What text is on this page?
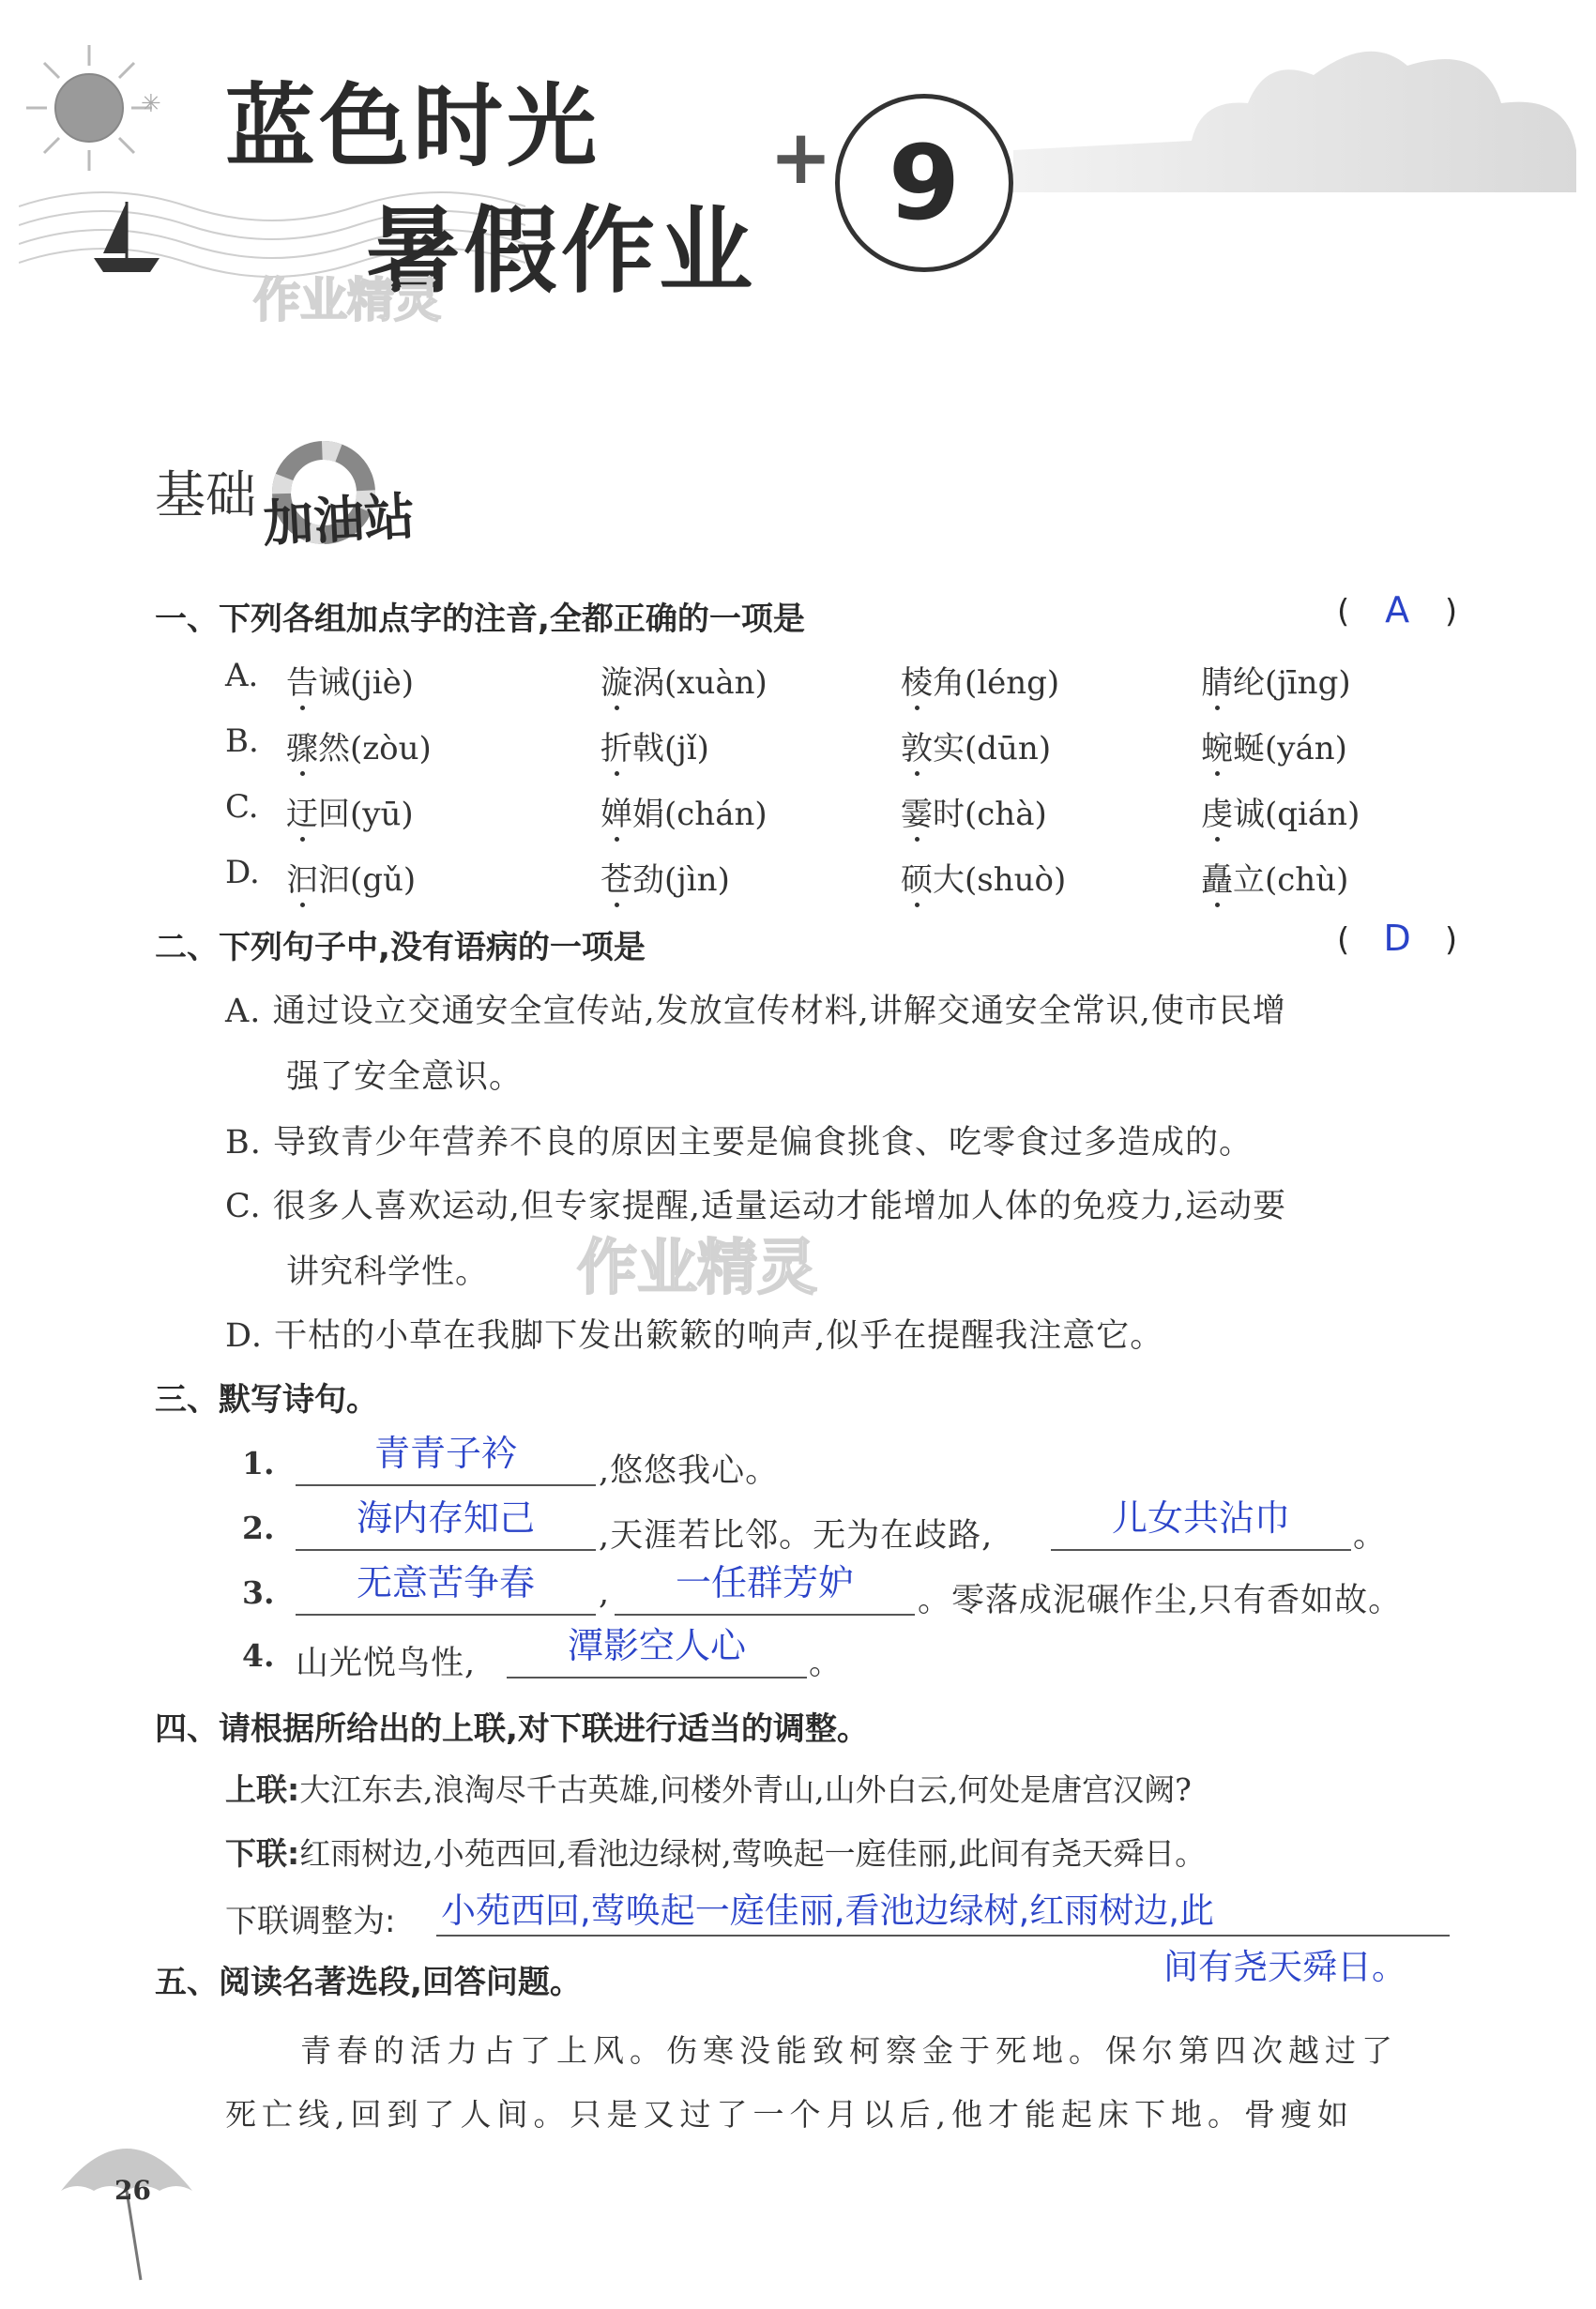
✳ 蓝色时光
暑假作业
作业精灵
+ 9
基础 加油站
一、下列各组加点字的注音,全都正确的一项是	( A )
A. 告诫(jiè)	漩涡(xuàn)	棱角(léng)	腈纶(jīng)
B. 骤然(zòu)	折戟(jǐ)	敦实(dūn)	蜿蜒(yán)
C. 迂回(yū)	婵娟(chán)	霎时(chà)	虔诚(qián)
D. 汩汩(gǔ)	苍劲(jìn)	硕大(shuò)	矗立(chù)
二、下列句子中,没有语病的一项是	( D )
A. 通过设立交通安全宣传站,发放宣传材料,讲解交通安全常识,使市民增
强了安全意识。
B. 导致青少年营养不良的原因主要是偏食挑食、吃零食过多造成的。
C. 很多人喜欢运动,但专家提醒,适量运动才能增加人体的免疫力,运动要
讲究科学性。 作业精灵
D. 干枯的小草在我脚下发出簌簌的响声,似乎在提醒我注意它。
三、默写诗句。
1.	青青子衿	,悠悠我心。
2.	海内存知己	,天涯若比邻。无为在歧路,	儿女共沾巾	。
3.	无意苦争春	,	一任群芳妒	。零落成泥碾作尘,只有香如故。
4. 山光悦鸟性,	潭影空人心	。
四、请根据所给出的上联,对下联进行适当的调整。
上联:大江东去,浪淘尽千古英雄,问楼外青山,山外白云,何处是唐宫汉阙?
下联:红雨树边,小苑西回,看池边绿树,莺唤起一庭佳丽,此间有尧天舜日。
下联调整为: 小苑西回,莺唤起一庭佳丽,看池边绿树,红雨树边,此
间有尧天舜日。
五、阅读名著选段,回答问题。
青春的活力占了上风。伤寒没能致柯察金于死地。保尔第四次越过了
死亡线,回到了人间。只是又过了一个月以后,他才能起床下地。骨瘦如
26
